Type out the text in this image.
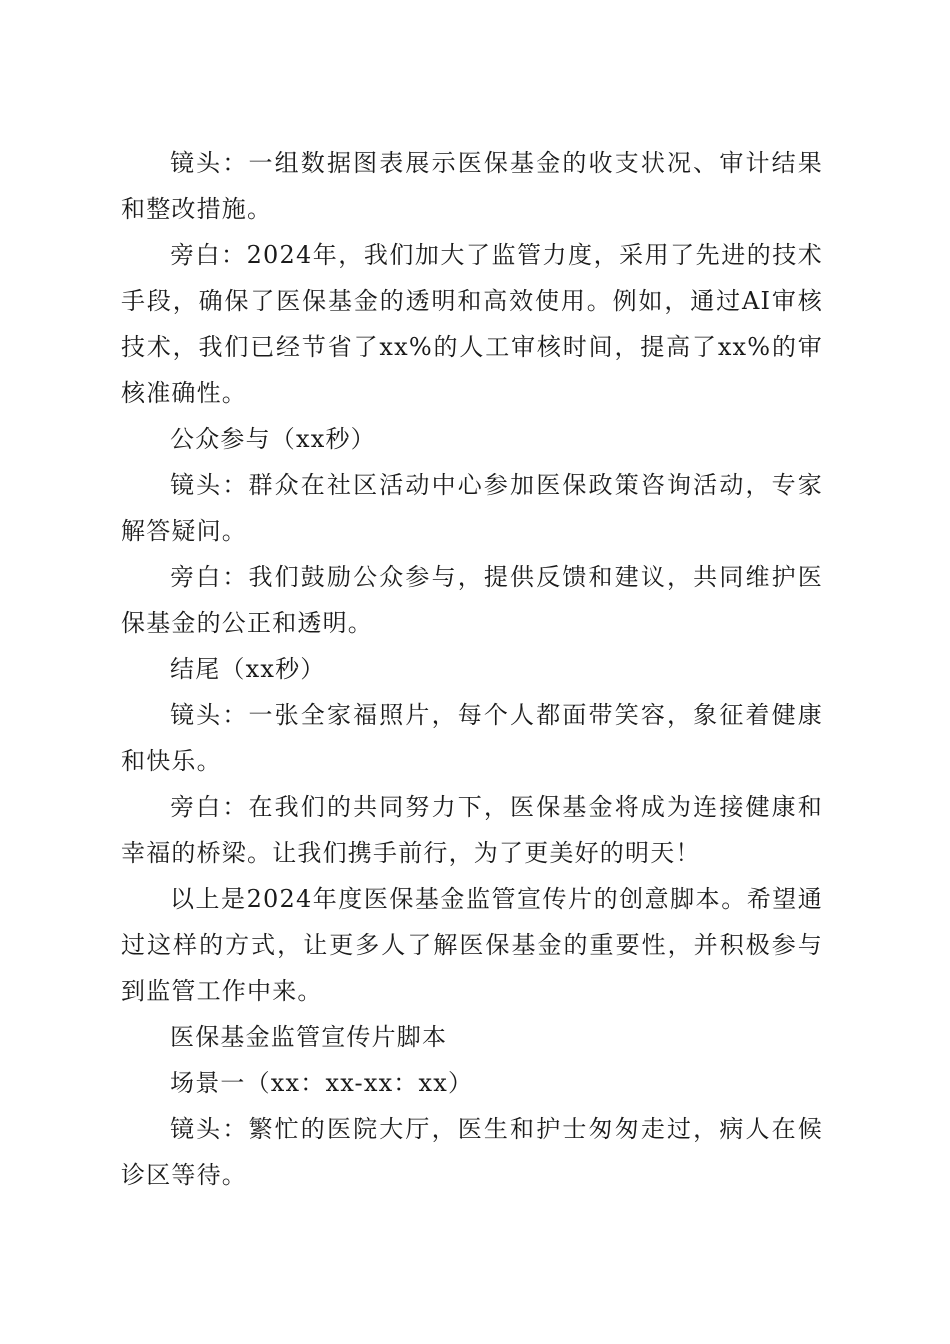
镜头：一组数据图表展示医保基金的收支状况、审计结果和整改措施。

旁白：2024年，我们加大了监管力度，采用了先进的技术手段，确保了医保基金的透明和高效使用。例如，通过AI审核技术，我们已经节省了xx%的人工审核时间，提高了xx%的审核准确性。

公众参与（xx秒）

镜头：群众在社区活动中心参加医保政策咨询活动，专家解答疑问。

旁白：我们鼓励公众参与，提供反馈和建议，共同维护医保基金的公正和透明。

结尾（xx秒）

镜头：一张全家福照片，每个人都面带笑容，象征着健康和快乐。

旁白：在我们的共同努力下，医保基金将成为连接健康和幸福的桥梁。让我们携手前行，为了更美好的明天！

以上是2024年度医保基金监管宣传片的创意脚本。希望通过这样的方式，让更多人了解医保基金的重要性，并积极参与到监管工作中来。

医保基金监管宣传片脚本

场景一（xx：xx-xx：xx）

镜头：繁忙的医院大厅，医生和护士匆匆走过，病人在候诊区等待。
